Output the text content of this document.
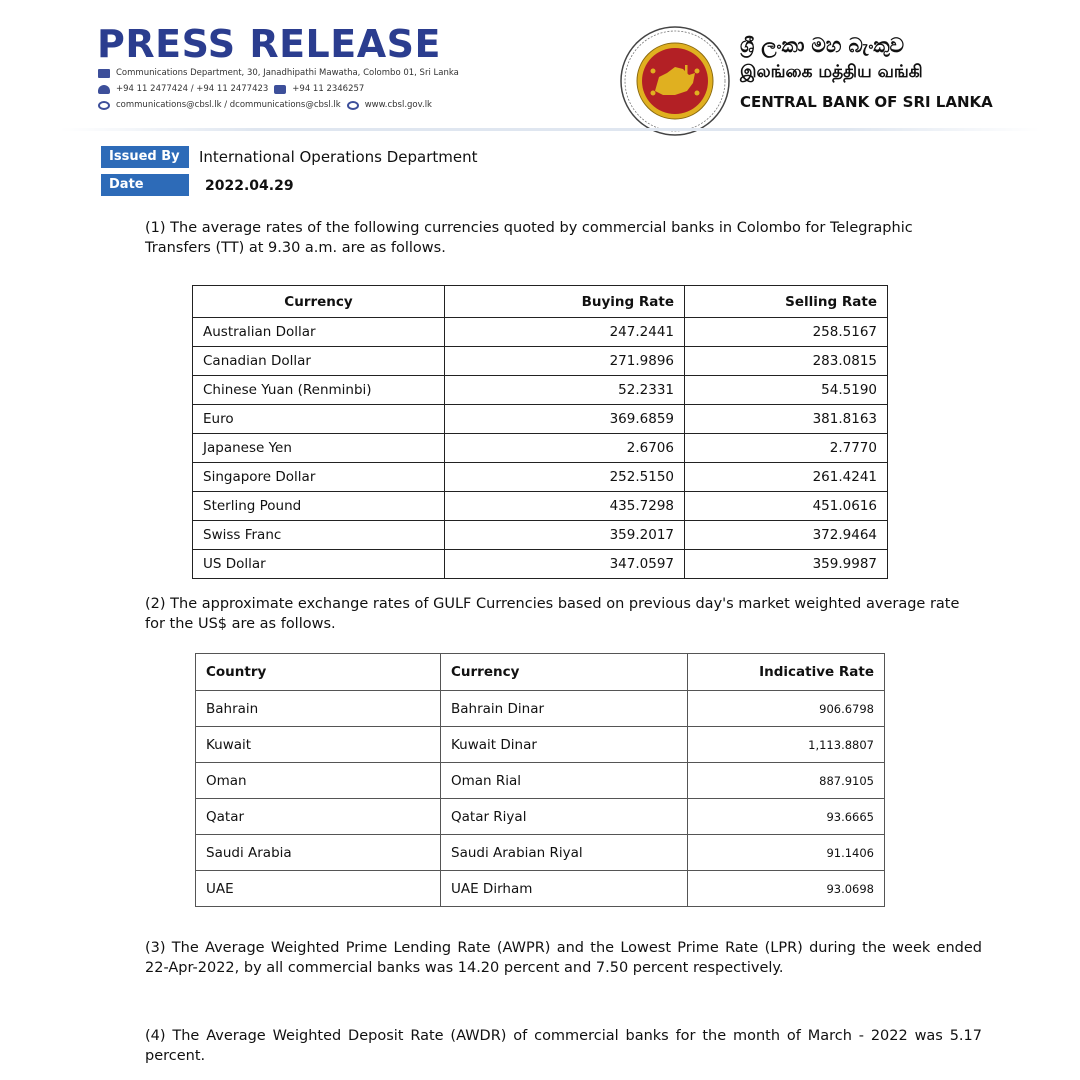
PRESS RELEASE
Communications Department, 30, Janadhipathi Mawatha, Colombo 01, Sri Lanka
+94 11 2477424 / +94 11 2477423	+94 11 2346257
communications@cbsl.lk / dcommunications@cbsl.lk	www.cbsl.gov.lk
ශ්‍රී ලංකා මහ බැංකුව
இலங்கை மத்திய வங்கி
CENTRAL BANK OF SRI LANKA
Issued By	International Operations Department
Date	2022.04.29

(1) The average rates of the following currencies quoted by commercial banks in Colombo for Telegraphic Transfers (TT) at 9.30 a.m. are as follows.

Currency	Buying Rate	Selling Rate
Australian Dollar	247.2441	258.5167
Canadian Dollar	271.9896	283.0815
Chinese Yuan (Renminbi)	52.2331	54.5190
Euro	369.6859	381.8163
Japanese Yen	2.6706	2.7770
Singapore Dollar	252.5150	261.4241
Sterling Pound	435.7298	451.0616
Swiss Franc	359.2017	372.9464
US Dollar	347.0597	359.9987

(2) The approximate exchange rates of GULF Currencies based on previous day's market weighted average rate for the US$ are as follows.

Country	Currency	Indicative Rate
Bahrain	Bahrain Dinar	906.6798
Kuwait	Kuwait Dinar	1,113.8807
Oman	Oman Rial	887.9105
Qatar	Qatar Riyal	93.6665
Saudi Arabia	Saudi Arabian Riyal	91.1406
UAE	UAE Dirham	93.0698

(3) The Average Weighted Prime Lending Rate (AWPR) and the Lowest Prime Rate (LPR) during the week ended 22-Apr-2022, by all commercial banks was 14.20 percent and 7.50 percent respectively.

(4) The Average Weighted Deposit Rate (AWDR) of commercial banks for the month of March - 2022 was 5.17 percent.
